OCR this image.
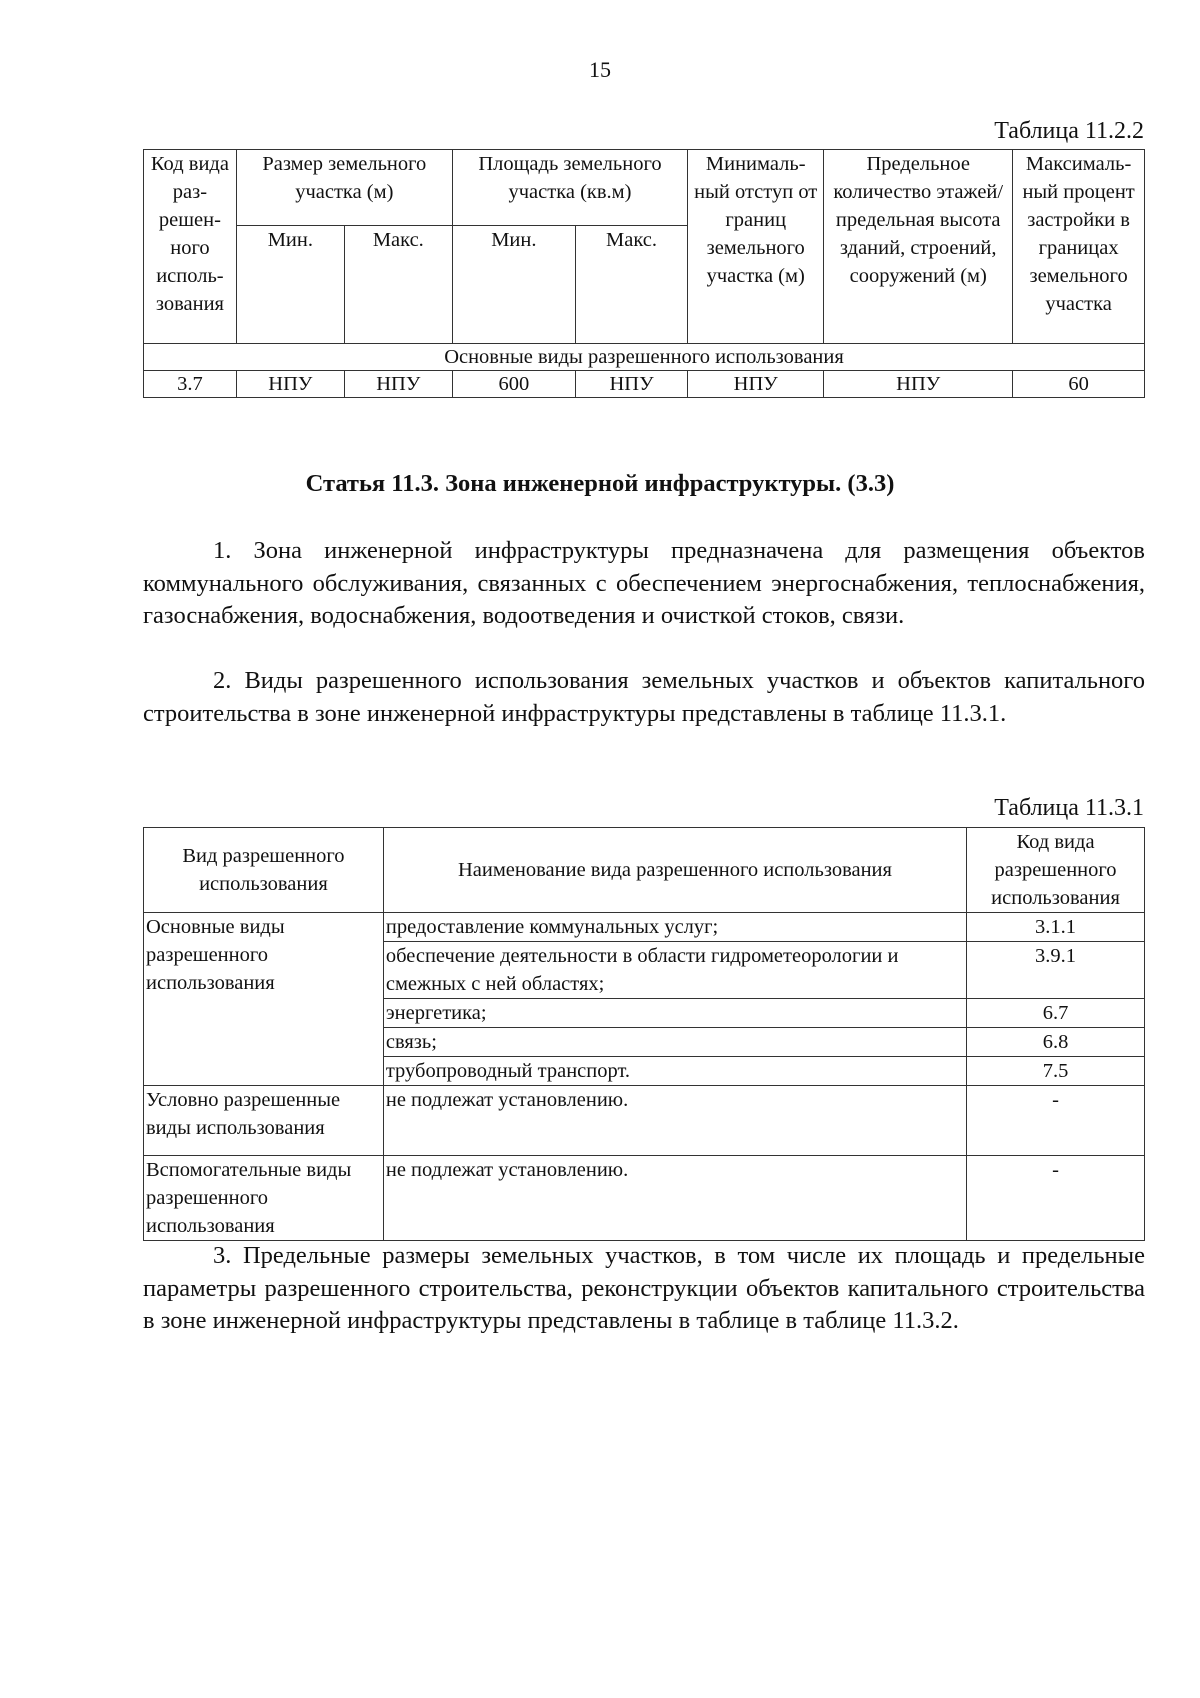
15
Таблица 11.2.2
Код вида раз-решен-ного исполь-зования	Размер земельного участка (м)		Площадь земельного участка (кв.м)		Минималь-ный отступ от границ земельного участка (м)	Предельное количество этажей/ предельная высота зданий, строений, сооружений (м)	Максималь-ный процент застройки в границах земельного участка
	Мин.	Макс.	Мин.	Макс.			
Основные виды разрешенного использования							
3.7	НПУ	НПУ	600	НПУ	НПУ	НПУ	60
Статья 11.3. Зона инженерной инфраструктуры. (3.3)
1. Зона инженерной инфраструктуры предназначена для размещения объектов коммунального обслуживания, связанных с обеспечением энергоснабжения, теплоснабжения, газоснабжения, водоснабжения, водоотведения и очисткой стоков, связи.
2. Виды разрешенного использования земельных участков и объектов капитального строительства в зоне инженерной инфраструктуры представлены в таблице 11.3.1.
Таблица 11.3.1
Вид разрешенного использования	Наименование вида разрешенного использования	Код вида разрешенного использования
Основные виды разрешенного использования	предоставление коммунальных услуг;	3.1.1
	обеспечение деятельности в области гидрометеорологии и смежных с ней областях;	3.9.1
	энергетика;	6.7
	связь;	6.8
	трубопроводный транспорт.	7.5
Условно разрешенные виды использования	не подлежат установлению.	-
Вспомогательные виды разрешенного использования	не подлежат установлению.	-
3. Предельные размеры земельных участков, в том числе их площадь и предельные параметры разрешенного строительства, реконструкции объектов капитального строительства в зоне инженерной инфраструктуры представлены в таблице в таблице 11.3.2.
